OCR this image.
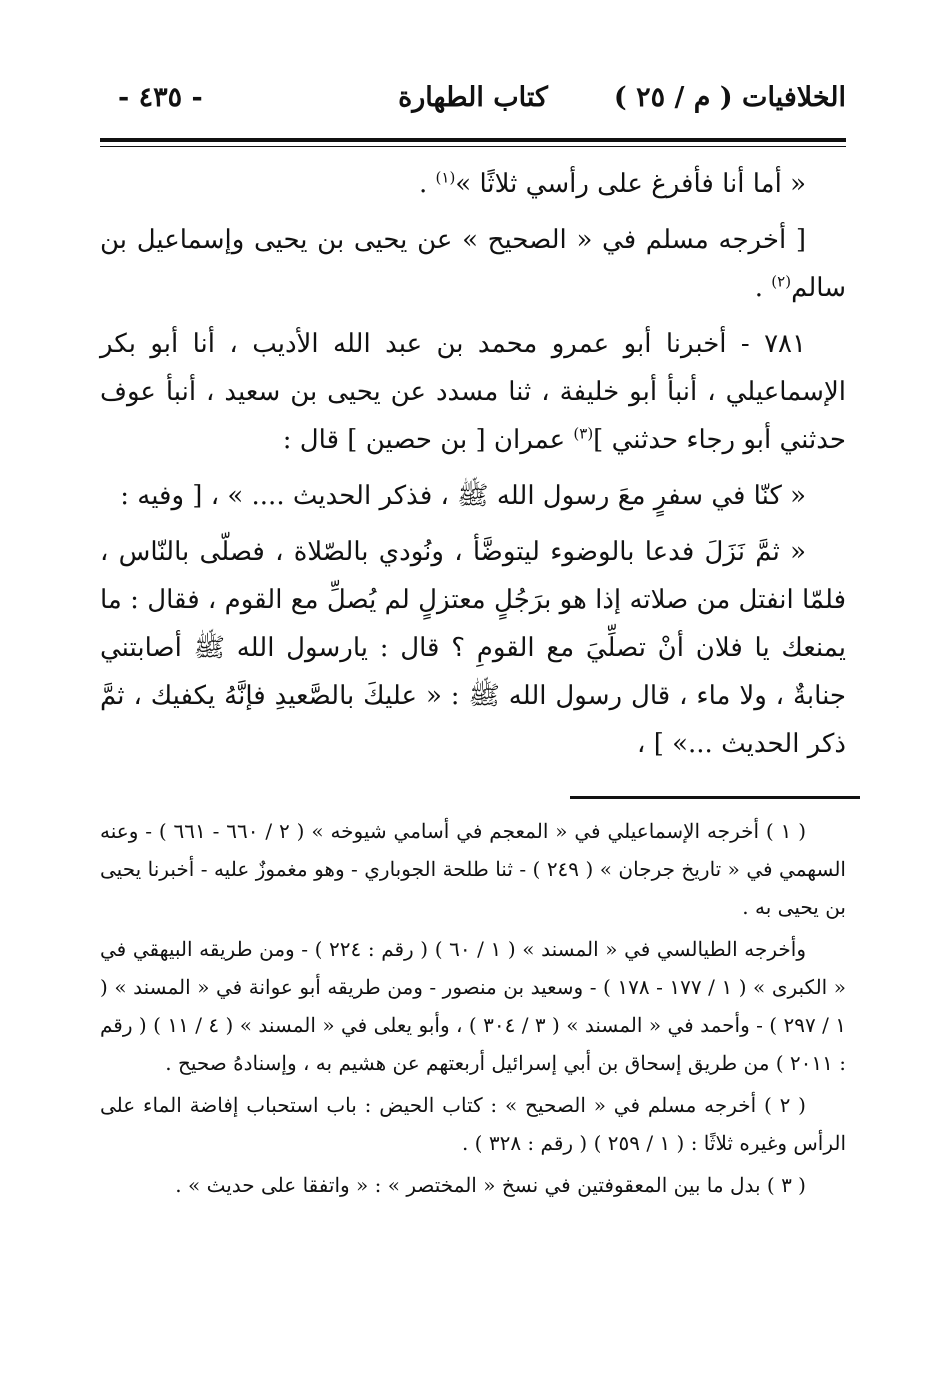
الخلافيات ( م / ٢٥ )
كتاب الطهارة
- ٤٣٥ -

« أما أنا فأفرغ على رأسي ثلاثًا »$^{(١)}$ .

[ أخرجه مسلم في « الصحيح » عن يحيى بن يحيى وإسماعيل بن سالم$^{(٢)}$ .

٧٨١ - أخبرنا أبو عمرو محمد بن عبد الله الأديب ، أنا أبو بكر الإسماعيلي ، أنبأ أبو خليفة ، ثنا مسدد عن يحيى بن سعيد ، أنبأ عوف حدثني أبو رجاء حدثني ]$^{(٣)}$ عمران [ بن حصين ] قال :

« كنّا في سفرٍ معَ رسول الله ﷺ ، فذكر الحديث .... » ، [ وفيه :

« ثمَّ نَزَلَ فدعا بالوضوء ليتوضَّأ ، ونُودي بالصّلاة ، فصلّى بالنّاس ، فلمّا انفتل من صلاته إذا هو برَجُلٍ معتزلٍ لم يُصلِّ مع القوم ، فقال : ما يمنعك يا فلان أنْ تصلِّيَ مع القومِ ؟ قال : يارسول الله ﷺ أصابتني جنابةٌ ، ولا ماء ، قال رسول الله ﷺ : « عليكَ بالصَّعيدِ فإنَّهُ يكفيك ، ثمَّ ذكر الحديث ...» ] ،

( ١ ) أخرجه الإسماعيلي في « المعجم في أسامي شيوخه » ( ٢ / ٦٦٠ - ٦٦١ ) - وعنه السهمي في « تاريخ جرجان » ( ٢٤٩ ) - ثنا طلحة الجوباري - وهو مغموزٌ عليه - أخبرنا يحيى بن يحيى به .

وأخرجه الطيالسي في « المسند » ( ١ / ٦٠ ) ( رقم : ٢٢٤ ) - ومن طريقه البيهقي في « الكبرى » ( ١ / ١٧٧ - ١٧٨ ) - وسعيد بن منصور - ومن طريقه أبو عوانة في « المسند » ( ١ / ٢٩٧ ) - وأحمد في « المسند » ( ٣ / ٣٠٤ ) ، وأبو يعلى في « المسند » ( ٤ / ١١ ) ( رقم : ٢٠١١ ) من طريق إسحاق بن أبي إسرائيل أربعتهم عن هشيم به ، وإسنادهُ صحيح .

( ٢ ) أخرجه مسلم في « الصحيح » : كتاب الحيض : باب استحباب إفاضة الماء على الرأس وغيره ثلاثًا : ( ١ / ٢٥٩ ) ( رقم : ٣٢٨ ) .

( ٣ ) بدل ما بين المعقوفتين في نسخ « المختصر » : « واتفقا على حديث » .
